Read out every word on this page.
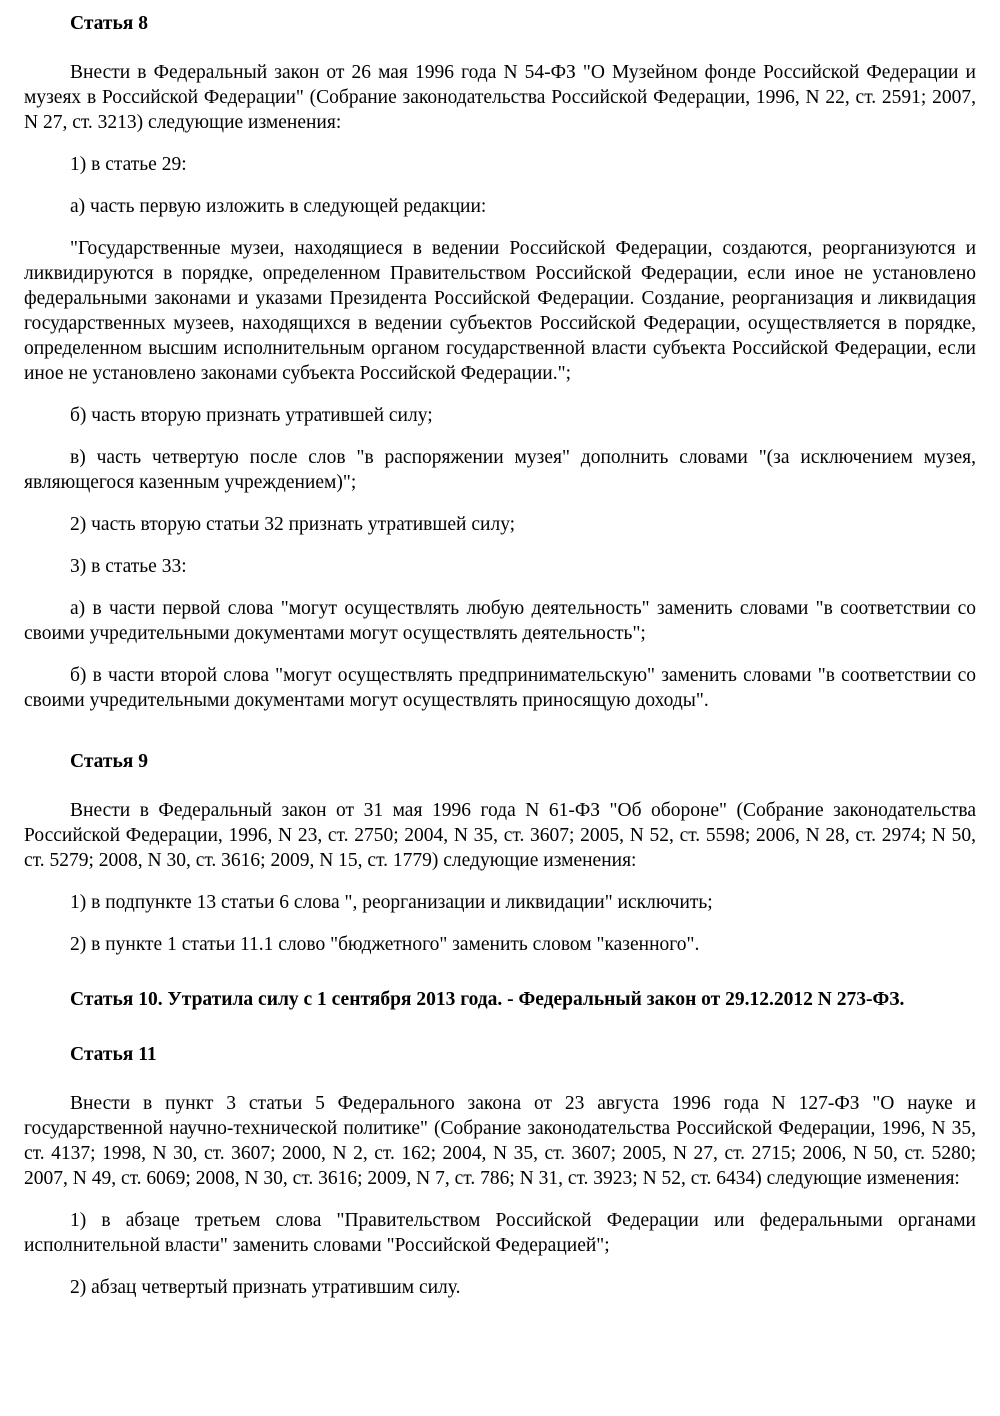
Статья 8
Внести в Федеральный закон от 26 мая 1996 года N 54-ФЗ "О Музейном фонде Российской Федерации и музеях в Российской Федерации" (Собрание законодательства Российской Федерации, 1996, N 22, ст. 2591; 2007, N 27, ст. 3213) следующие изменения:
1) в статье 29:
а) часть первую изложить в следующей редакции:
"Государственные музеи, находящиеся в ведении Российской Федерации, создаются, реорганизуются и ликвидируются в порядке, определенном Правительством Российской Федерации, если иное не установлено федеральными законами и указами Президента Российской Федерации. Создание, реорганизация и ликвидация государственных музеев, находящихся в ведении субъектов Российской Федерации, осуществляется в порядке, определенном высшим исполнительным органом государственной власти субъекта Российской Федерации, если иное не установлено законами субъекта Российской Федерации.";
б) часть вторую признать утратившей силу;
в) часть четвертую после слов "в распоряжении музея" дополнить словами "(за исключением музея, являющегося казенным учреждением)";
2) часть вторую статьи 32 признать утратившей силу;
3) в статье 33:
а) в части первой слова "могут осуществлять любую деятельность" заменить словами "в соответствии со своими учредительными документами могут осуществлять деятельность";
б) в части второй слова "могут осуществлять предпринимательскую" заменить словами "в соответствии со своими учредительными документами могут осуществлять приносящую доходы".
Статья 9
Внести в Федеральный закон от 31 мая 1996 года N 61-ФЗ "Об обороне" (Собрание законодательства Российской Федерации, 1996, N 23, ст. 2750; 2004, N 35, ст. 3607; 2005, N 52, ст. 5598; 2006, N 28, ст. 2974; N 50, ст. 5279; 2008, N 30, ст. 3616; 2009, N 15, ст. 1779) следующие изменения:
1) в подпункте 13 статьи 6 слова ", реорганизации и ликвидации" исключить;
2) в пункте 1 статьи 11.1 слово "бюджетного" заменить словом "казенного".
Статья 10. Утратила силу с 1 сентября 2013 года. - Федеральный закон от 29.12.2012 N 273-ФЗ.
Статья 11
Внести в пункт 3 статьи 5 Федерального закона от 23 августа 1996 года N 127-ФЗ "О науке и государственной научно-технической политике" (Собрание законодательства Российской Федерации, 1996, N 35, ст. 4137; 1998, N 30, ст. 3607; 2000, N 2, ст. 162; 2004, N 35, ст. 3607; 2005, N 27, ст. 2715; 2006, N 50, ст. 5280; 2007, N 49, ст. 6069; 2008, N 30, ст. 3616; 2009, N 7, ст. 786; N 31, ст. 3923; N 52, ст. 6434) следующие изменения:
1) в абзаце третьем слова "Правительством Российской Федерации или федеральными органами исполнительной власти" заменить словами "Российской Федерацией";
2) абзац четвертый признать утратившим силу.
